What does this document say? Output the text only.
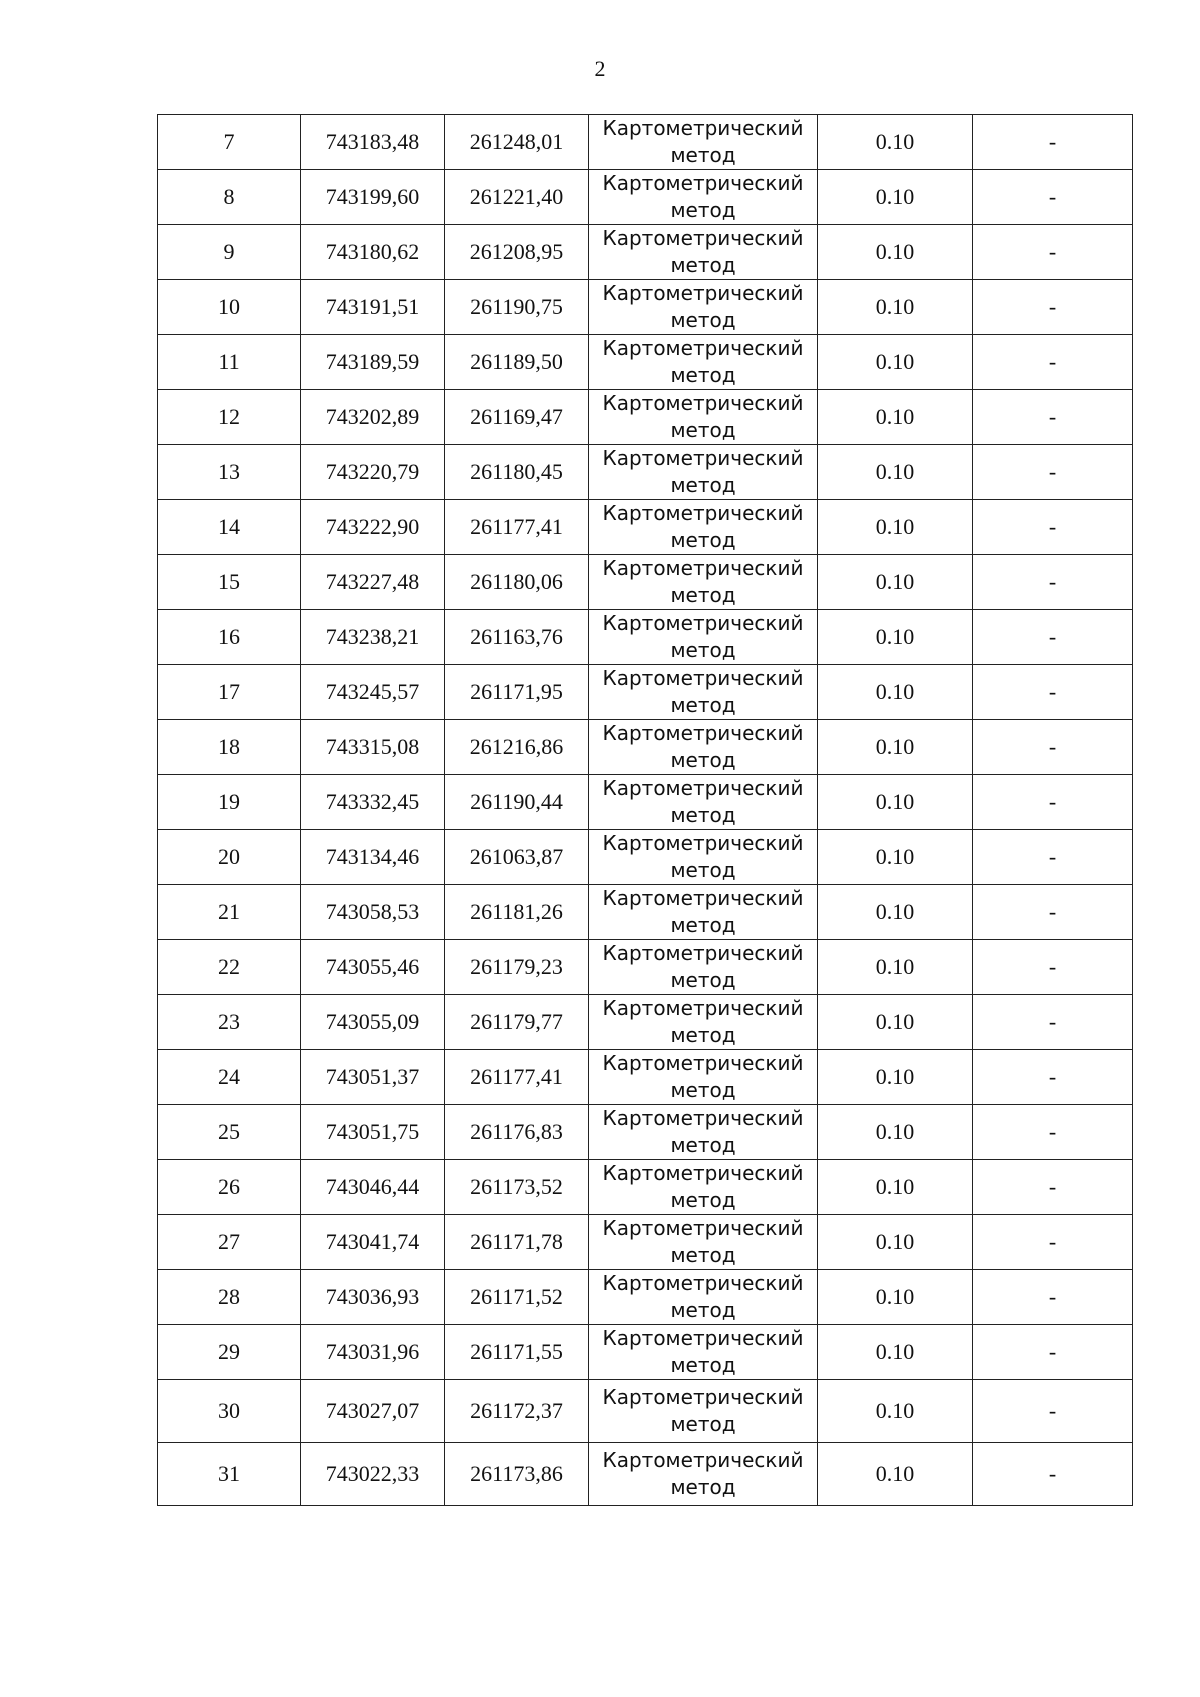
2
7	743183,48	261248,01	Картометрический
метод	0.10	-
8	743199,60	261221,40	Картометрический
метод	0.10	-
9	743180,62	261208,95	Картометрический
метод	0.10	-
10	743191,51	261190,75	Картометрический
метод	0.10	-
11	743189,59	261189,50	Картометрический
метод	0.10	-
12	743202,89	261169,47	Картометрический
метод	0.10	-
13	743220,79	261180,45	Картометрический
метод	0.10	-
14	743222,90	261177,41	Картометрический
метод	0.10	-
15	743227,48	261180,06	Картометрический
метод	0.10	-
16	743238,21	261163,76	Картометрический
метод	0.10	-
17	743245,57	261171,95	Картометрический
метод	0.10	-
18	743315,08	261216,86	Картометрический
метод	0.10	-
19	743332,45	261190,44	Картометрический
метод	0.10	-
20	743134,46	261063,87	Картометрический
метод	0.10	-
21	743058,53	261181,26	Картометрический
метод	0.10	-
22	743055,46	261179,23	Картометрический
метод	0.10	-
23	743055,09	261179,77	Картометрический
метод	0.10	-
24	743051,37	261177,41	Картометрический
метод	0.10	-
25	743051,75	261176,83	Картометрический
метод	0.10	-
26	743046,44	261173,52	Картометрический
метод	0.10	-
27	743041,74	261171,78	Картометрический
метод	0.10	-
28	743036,93	261171,52	Картометрический
метод	0.10	-
29	743031,96	261171,55	Картометрический
метод	0.10	-
30	743027,07	261172,37	Картометрический
метод	0.10	-
31	743022,33	261173,86	Картометрический
метод	0.10	-
